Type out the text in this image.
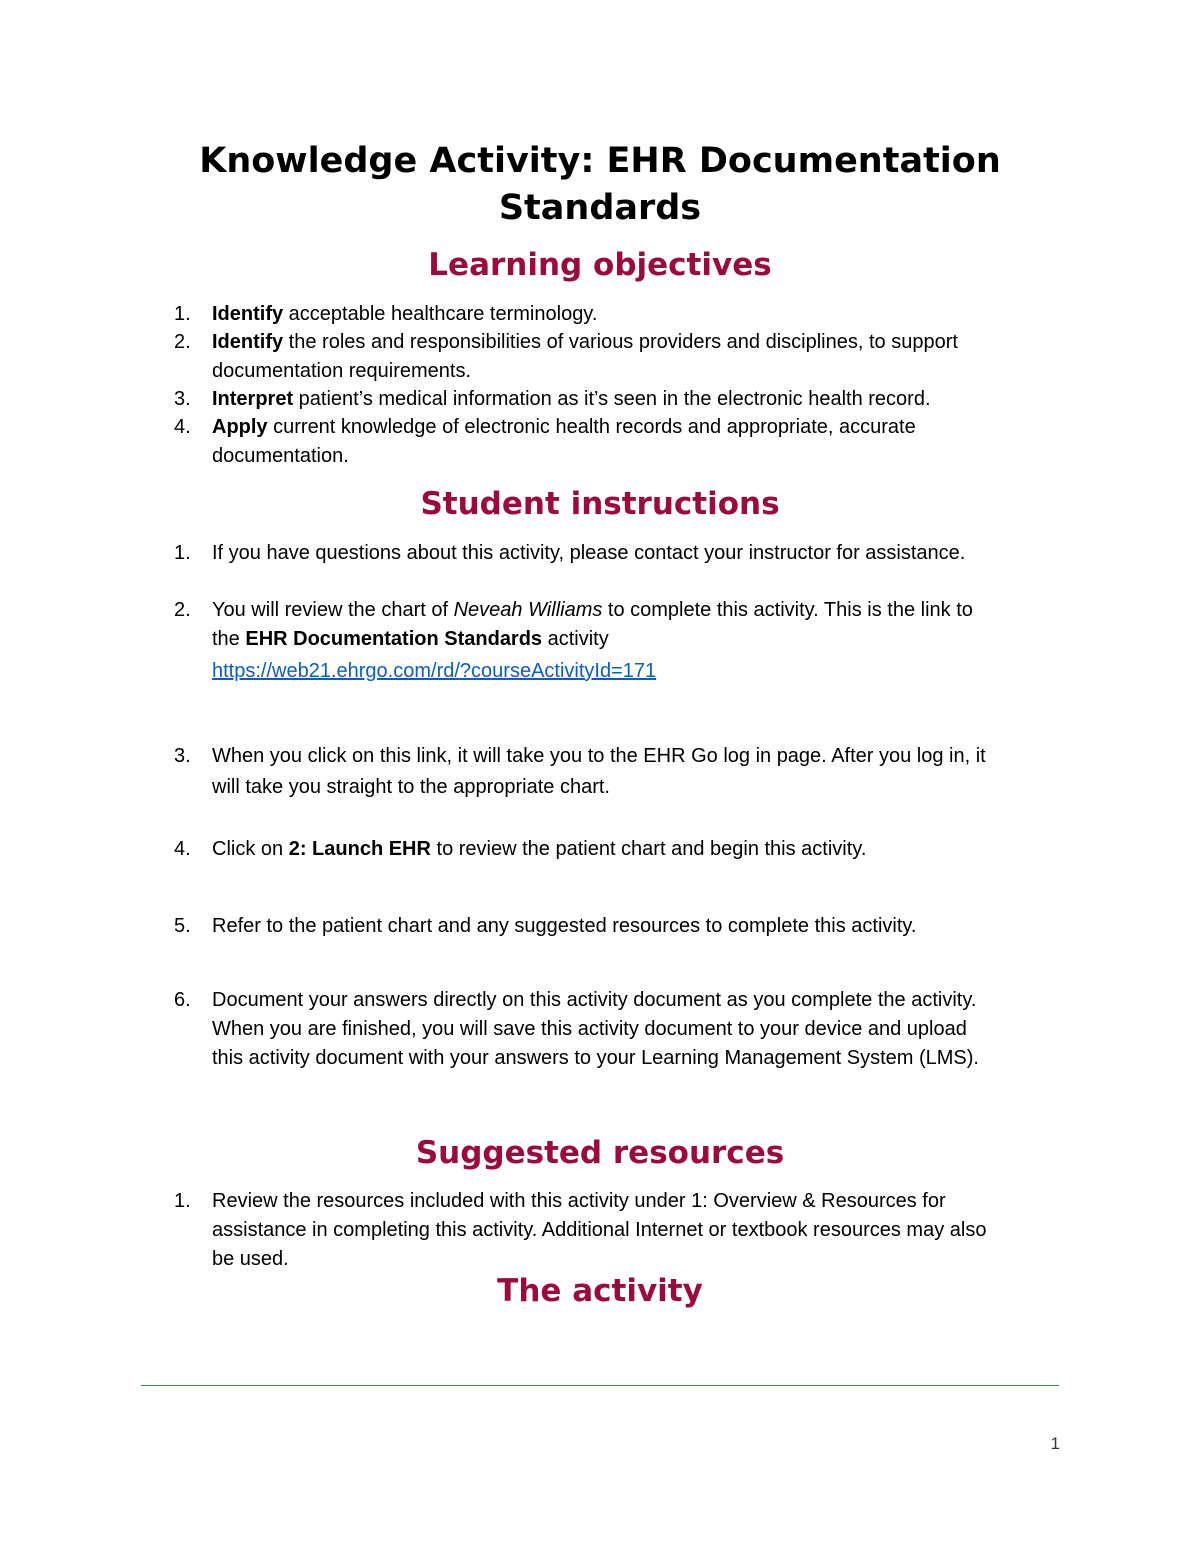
Knowledge Activity: EHR Documentation
Standards
Learning objectives
1.	Identify acceptable healthcare terminology.
2.	Identify the roles and responsibilities of various providers and disciplines, to support
documentation requirements.
3.	Interpret patient’s medical information as it’s seen in the electronic health record.
4.	Apply current knowledge of electronic health records and appropriate, accurate
documentation.
Student instructions
1.	If you have questions about this activity, please contact your instructor for assistance.
2.	You will review the chart of Neveah Williams to complete this activity. This is the link to
the EHR Documentation Standards activity
https://web21.ehrgo.com/rd/?courseActivityId=171
3.	When you click on this link, it will take you to the EHR Go log in page. After you log in, it
will take you straight to the appropriate chart.
4.	Click on 2: Launch EHR to review the patient chart and begin this activity.
5.	Refer to the patient chart and any suggested resources to complete this activity.
6.	Document your answers directly on this activity document as you complete the activity.
When you are finished, you will save this activity document to your device and upload
this activity document with your answers to your Learning Management System (LMS).
Suggested resources
1.	Review the resources included with this activity under 1: Overview & Resources for
assistance in completing this activity. Additional Internet or textbook resources may also
be used.
The activity
1
